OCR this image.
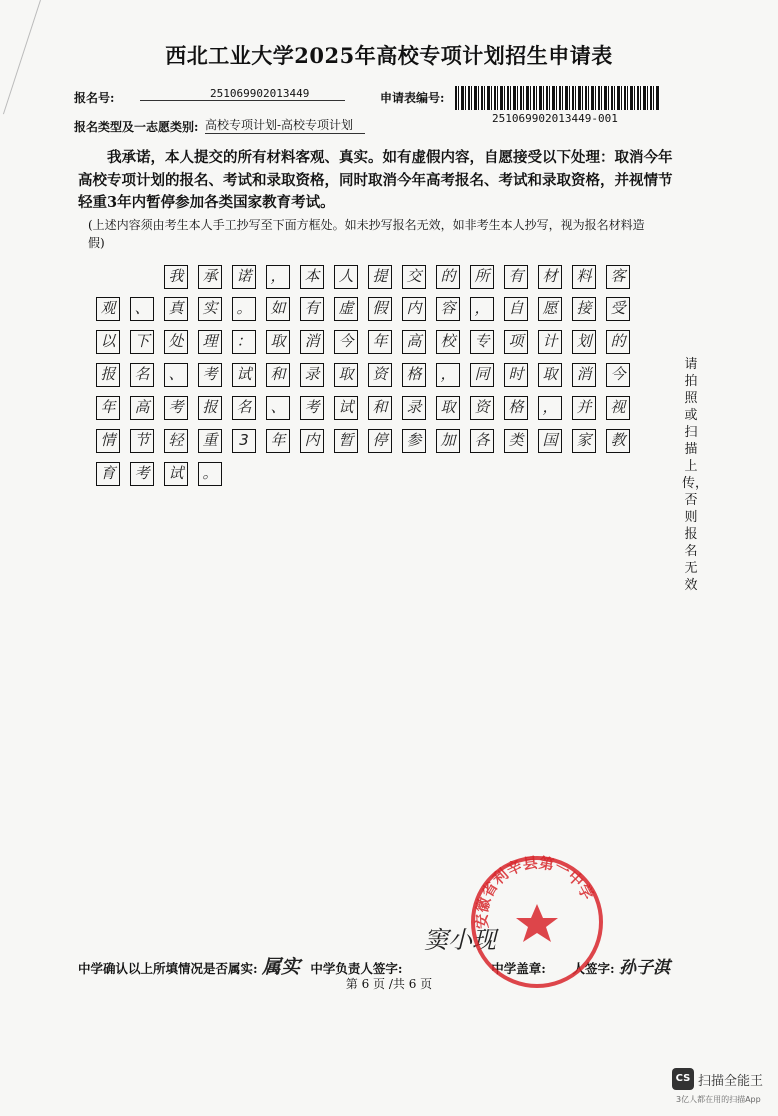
西北工业大学2025年高校专项计划招生申请表
报名号:	251069902013449	申请表编号:
251069902013449-001
报名类型及一志愿类别: 高校专项计划-高校专项计划
我承诺，本人提交的所有材料客观、真实。如有虚假内容，自愿接受以下处理：取消今年高校专项计划的报名、考试和录取资格，同时取消今年高考报名、考试和录取资格，并视情节轻重3年内暂停参加各类国家教育考试。
(上述内容须由考生本人手工抄写至下面方框处。如未抄写报名无效，如非考生本人抄写，视为报名材料造假)
我	承	诺	，	本	人	提	交	的	所	有	材	料	客
观	、	真	实	。	如	有	虚	假	内	容	，	自	愿	接	受
以	下	处	理	：	取	消	今	年	高	校	专	项	计	划	的
报	名	、	考	试	和	录	取	资	格	，	同	时	取	消	今
年	高	考	报	名	、	考	试	和	录	取	资	格	，	并	视
情	节	轻	重	3	年	内	暂	停	参	加	各	类	国	家	教
育	考	试	。
请拍照或扫描上传，否则报名无效
中学确认以上所填情况是否属实: 属实 中学负责人签字:	中学盖章: 人签字: 孙子淇
窦小现
安徽省利辛县第一中学
第 6 页 /共 6 页
CS 扫描全能王
3亿人都在用的扫描App
